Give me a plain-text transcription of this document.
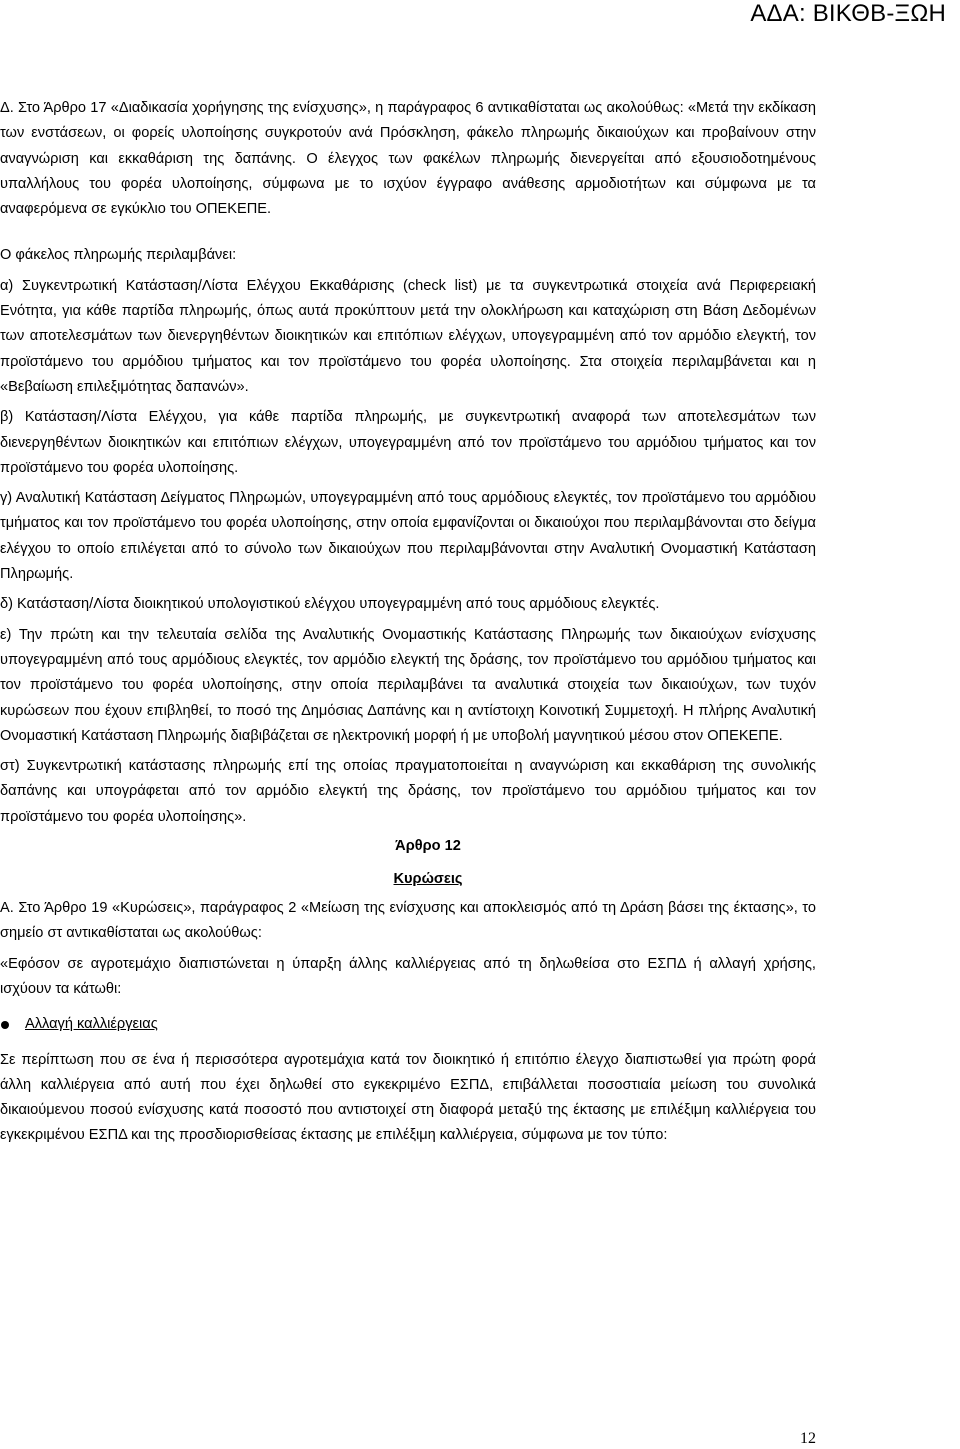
ΑΔΑ: ΒΙΚΘΒ-ΞΩΗ

Δ. Στο Άρθρο 17 «Διαδικασία χορήγησης της ενίσχυσης», η παράγραφος 6 αντικαθίσταται ως ακολούθως: «Μετά την εκδίκαση των ενστάσεων, οι φορείς υλοποίησης συγκροτούν ανά Πρόσκληση, φάκελο πληρωμής δικαιούχων και προβαίνουν στην αναγνώριση και εκκαθάριση της δαπάνης. Ο έλεγχος των φακέλων πληρωμής διενεργείται από εξουσιοδοτημένους υπαλλήλους του φορέα υλοποίησης, σύμφωνα με το ισχύον έγγραφο ανάθεσης αρμοδιοτήτων και σύμφωνα με τα αναφερόμενα σε εγκύκλιο του ΟΠΕΚΕΠΕ.

Ο φάκελος πληρωμής περιλαμβάνει:

α) Συγκεντρωτική Κατάσταση/Λίστα Ελέγχου Εκκαθάρισης (check list) με τα συγκεντρωτικά στοιχεία ανά Περιφερειακή Ενότητα, για κάθε παρτίδα πληρωμής, όπως αυτά προκύπτουν μετά την ολοκλήρωση και καταχώριση στη Βάση Δεδομένων των αποτελεσμάτων των διενεργηθέντων διοικητικών και επιτόπιων ελέγχων, υπογεγραμμένη από τον αρμόδιο ελεγκτή, τον προϊστάμενο του αρμόδιου τμήματος και τον προϊστάμενο του φορέα υλοποίησης. Στα στοιχεία περιλαμβάνεται και η «Βεβαίωση επιλεξιμότητας δαπανών».

β) Κατάσταση/Λίστα Ελέγχου, για κάθε παρτίδα πληρωμής, με συγκεντρωτική αναφορά των αποτελεσμάτων των διενεργηθέντων διοικητικών και επιτόπιων ελέγχων, υπογεγραμμένη από τον προϊστάμενο του αρμόδιου τμήματος και τον προϊστάμενο του φορέα υλοποίησης.

γ) Αναλυτική Κατάσταση Δείγματος Πληρωμών, υπογεγραμμένη από τους αρμόδιους ελεγκτές, τον προϊστάμενο του αρμόδιου τμήματος και τον προϊστάμενο του φορέα υλοποίησης, στην οποία εμφανίζονται οι δικαιούχοι που περιλαμβάνονται στο δείγμα ελέγχου το οποίο επιλέγεται από το σύνολο των δικαιούχων που περιλαμβάνονται στην Αναλυτική Ονομαστική Κατάσταση Πληρωμής.

δ) Κατάσταση/Λίστα διοικητικού υπολογιστικού ελέγχου υπογεγραμμένη από τους αρμόδιους ελεγκτές.

ε) Την πρώτη και την τελευταία σελίδα της Αναλυτικής Ονομαστικής Κατάστασης Πληρωμής των δικαιούχων ενίσχυσης υπογεγραμμένη από τους αρμόδιους ελεγκτές, τον αρμόδιο ελεγκτή της δράσης, τον προϊστάμενο του αρμόδιου τμήματος και τον προϊστάμενο του φορέα υλοποίησης, στην οποία περιλαμβάνει τα αναλυτικά στοιχεία των δικαιούχων, των τυχόν κυρώσεων που έχουν επιβληθεί, το ποσό της Δημόσιας Δαπάνης και η αντίστοιχη Κοινοτική Συμμετοχή. Η πλήρης Αναλυτική Ονομαστική Κατάσταση Πληρωμής διαβιβάζεται σε ηλεκτρονική μορφή ή με υποβολή μαγνητικού μέσου στον ΟΠΕΚΕΠΕ.

στ) Συγκεντρωτική κατάστασης πληρωμής επί της οποίας πραγματοποιείται η αναγνώριση και εκκαθάριση της συνολικής δαπάνης και υπογράφεται από τον αρμόδιο ελεγκτή της δράσης, τον προϊστάμενο του αρμόδιου τμήματος και τον προϊστάμενο του φορέα υλοποίησης».

Άρθρο 12

Κυρώσεις

Α. Στο Άρθρο 19 «Κυρώσεις», παράγραφος 2 «Μείωση της ενίσχυσης και αποκλεισμός από τη Δράση βάσει της έκτασης», το σημείο στ αντικαθίσταται ως ακολούθως:

«Εφόσον σε αγροτεμάχιο διαπιστώνεται η ύπαρξη άλλης καλλιέργειας από τη δηλωθείσα στο ΕΣΠΔ ή αλλαγή χρήσης, ισχύουν τα κάτωθι:

Αλλαγή καλλιέργειας

Σε περίπτωση που σε ένα ή περισσότερα αγροτεμάχια κατά τον διοικητικό ή επιτόπιο έλεγχο διαπιστωθεί για πρώτη φορά άλλη καλλιέργεια από αυτή που έχει δηλωθεί στο εγκεκριμένο ΕΣΠΔ, επιβάλλεται ποσοστιαία μείωση του συνολικά δικαιούμενου ποσού ενίσχυσης κατά ποσοστό που αντιστοιχεί στη διαφορά μεταξύ της έκτασης με επιλέξιμη καλλιέργεια του εγκεκριμένου ΕΣΠΔ και της προσδιορισθείσας έκτασης με επιλέξιμη καλλιέργεια, σύμφωνα με τον τύπο:

12
